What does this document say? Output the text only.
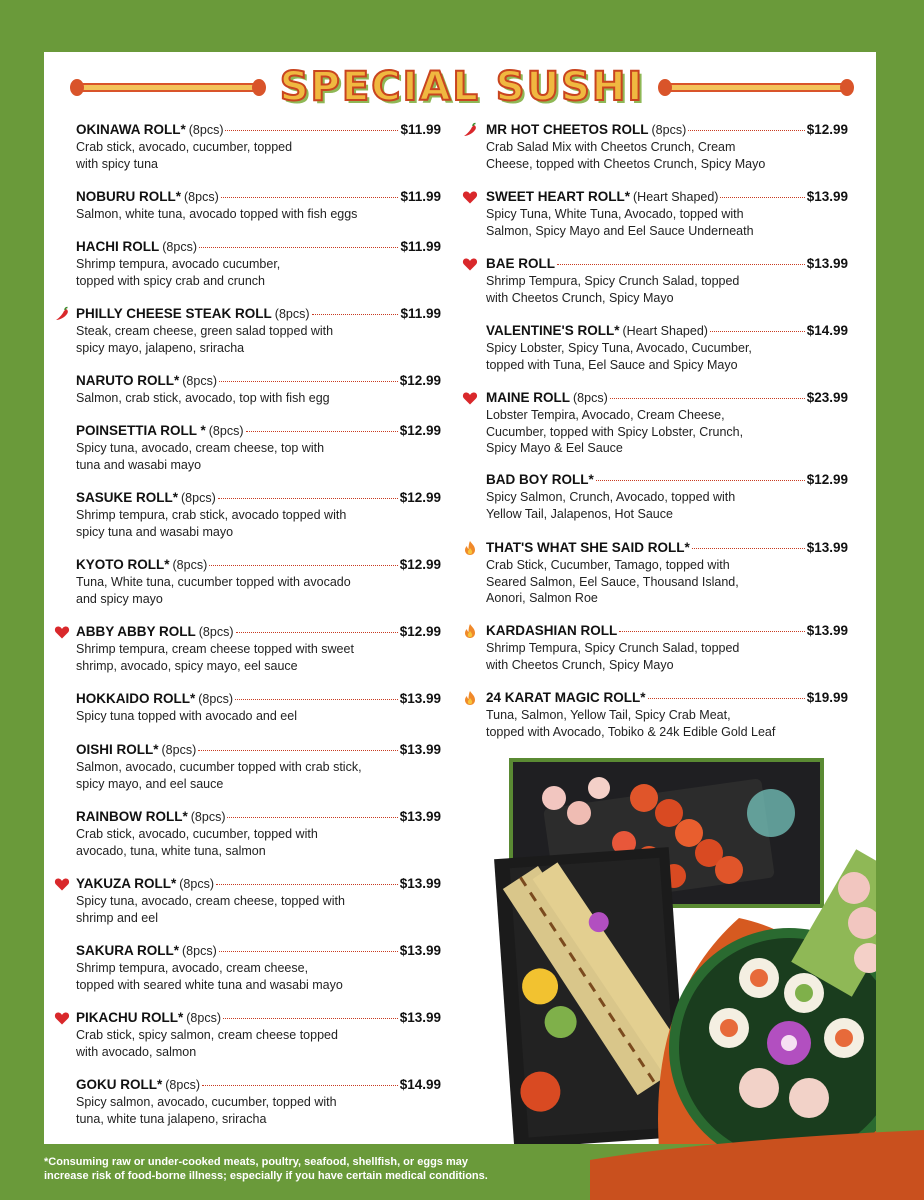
SPECIAL SUSHI
OKINAWA ROLL* (8pcs)	$11.99
Crab stick, avocado, cucumber, topped
with spicy tuna
NOBURU ROLL* (8pcs)	$11.99
Salmon, white tuna, avocado topped with fish eggs
HACHI ROLL (8pcs)	$11.99
Shrimp tempura, avocado cucumber,
topped with spicy crab and crunch
PHILLY CHEESE STEAK ROLL (8pcs)	$11.99
Steak, cream cheese, green salad topped with
spicy mayo, jalapeno, sriracha
NARUTO ROLL* (8pcs)	$12.99
Salmon, crab stick, avocado, top with fish egg
POINSETTIA ROLL * (8pcs)	$12.99
Spicy tuna, avocado, cream cheese, top with
tuna and wasabi mayo
SASUKE ROLL* (8pcs)	$12.99
Shrimp tempura, crab stick, avocado topped with
spicy tuna and wasabi mayo
KYOTO ROLL* (8pcs)	$12.99
Tuna, White tuna, cucumber topped with avocado
and spicy mayo
ABBY ABBY ROLL (8pcs)	$12.99
Shrimp tempura, cream cheese topped with sweet
shrimp, avocado, spicy mayo, eel sauce
HOKKAIDO ROLL* (8pcs)	$13.99
Spicy tuna topped with avocado and eel
OISHI ROLL* (8pcs)	$13.99
Salmon, avocado, cucumber topped with crab stick,
spicy mayo, and eel sauce
RAINBOW ROLL* (8pcs)	$13.99
Crab stick, avocado, cucumber, topped with
avocado, tuna, white tuna, salmon
YAKUZA ROLL* (8pcs)	$13.99
Spicy tuna, avocado, cream cheese, topped with
shrimp and eel
SAKURA ROLL* (8pcs)	$13.99
Shrimp tempura, avocado, cream cheese,
topped with seared white tuna and wasabi mayo
PIKACHU ROLL* (8pcs)	$13.99
Crab stick, spicy salmon, cream cheese topped
with avocado, salmon
GOKU ROLL* (8pcs)	$14.99
Spicy salmon, avocado, cucumber, topped with
tuna, white tuna jalapeno, sriracha
MR HOT CHEETOS ROLL (8pcs)	$12.99
Crab Salad Mix with Cheetos Crunch, Cream
Cheese, topped with Cheetos Crunch, Spicy Mayo
SWEET HEART ROLL* (Heart Shaped)	$13.99
Spicy Tuna, White Tuna, Avocado, topped with
Salmon, Spicy Mayo and Eel Sauce Underneath
BAE ROLL	$13.99
Shrimp Tempura, Spicy Crunch Salad, topped
with Cheetos Crunch, Spicy Mayo
VALENTINE'S ROLL* (Heart Shaped)	$14.99
Spicy Lobster, Spicy Tuna, Avocado, Cucumber,
topped with Tuna, Eel Sauce and Spicy Mayo
MAINE ROLL (8pcs)	$23.99
Lobster Tempira, Avocado, Cream Cheese,
Cucumber, topped with Spicy Lobster, Crunch,
Spicy Mayo & Eel Sauce
BAD BOY ROLL*	$12.99
Spicy Salmon, Crunch, Avocado, topped with
Yellow Tail, Jalapenos, Hot Sauce
THAT'S WHAT SHE SAID ROLL*	$13.99
Crab Stick, Cucumber, Tamago, topped with
Seared Salmon, Eel Sauce, Thousand Island,
Aonori, Salmon Roe
KARDASHIAN ROLL	$13.99
Shrimp Tempura, Spicy Crunch Salad, topped
with Cheetos Crunch, Spicy Mayo
24 KARAT MAGIC ROLL*	$19.99
Tuna, Salmon, Yellow Tail, Spicy Crab Meat,
topped with Avocado, Tobiko & 24k Edible Gold Leaf
*Consuming raw or under-cooked meats, poultry, seafood, shellfish, or eggs may
increase risk of food-borne illness; especially if you have certain medical conditions.
